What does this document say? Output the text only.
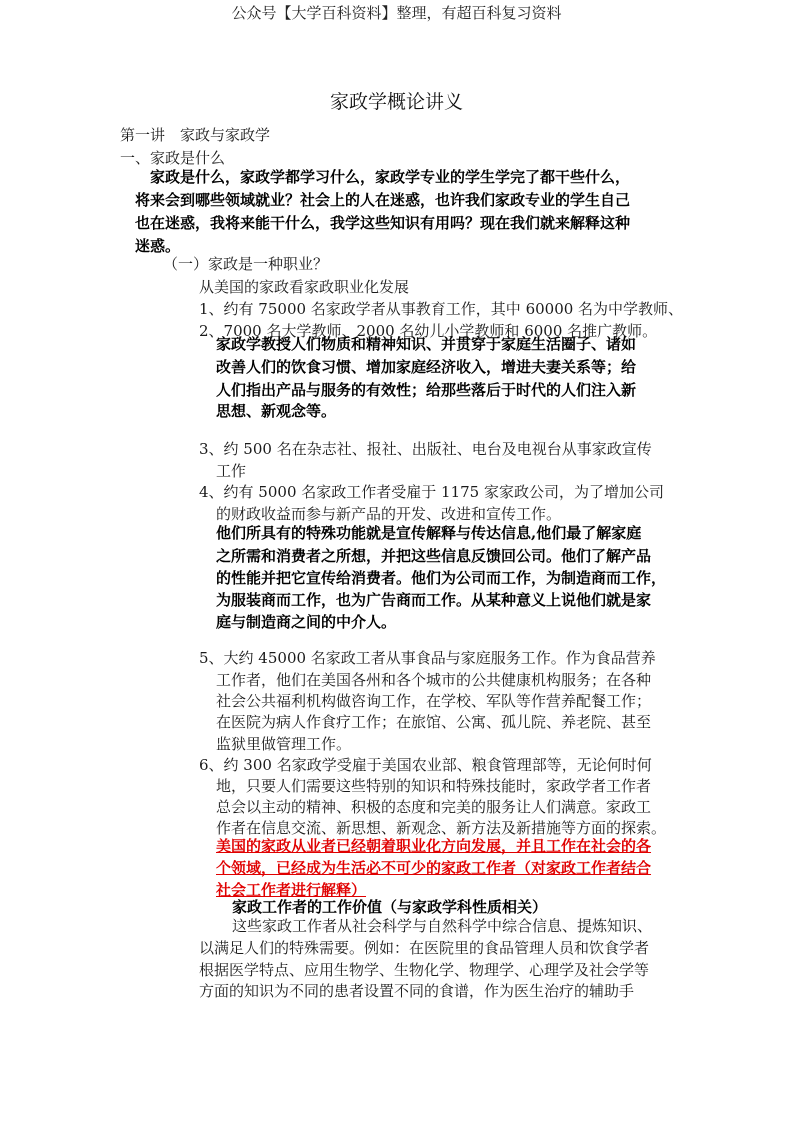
公众号【大学百科资料】整理，有超百科复习资料
家政学概论讲义
第一讲　家政与家政学
一、家政是什么
家政是什么，家政学都学习什么，家政学专业的学生学完了都干些什么，
将来会到哪些领域就业？社会上的人在迷惑，也许我们家政专业的学生自己
也在迷惑，我将来能干什么，我学这些知识有用吗？现在我们就来解释这种
迷惑。
（一）家政是一种职业？
从美国的家政看家政职业化发展
1、约有 75000 名家政学者从事教育工作，其中 60000 名为中学教师、
2、7000 名大学教师、2000 名幼儿小学教师和 6000 名推广教师。
家政学教授人们物质和精神知识、并贯穿于家庭生活圈子、诸如
改善人们的饮食习惯、增加家庭经济收入，增进夫妻关系等；给
人们指出产品与服务的有效性；给那些落后于时代的人们注入新
思想、新观念等。
3、约 500 名在杂志社、报社、出版社、电台及电视台从事家政宣传
工作
4、约有 5000 名家政工作者受雇于 1175 家家政公司，为了增加公司
的财政收益而参与新产品的开发、改进和宣传工作。
他们所具有的特殊功能就是宣传解释与传达信息,他们最了解家庭
之所需和消费者之所想，并把这些信息反馈回公司。他们了解产品
的性能并把它宣传给消费者。他们为公司而工作，为制造商而工作，
为服装商而工作，也为广告商而工作。从某种意义上说他们就是家
庭与制造商之间的中介人。
5、大约 45000 名家政工者从事食品与家庭服务工作。作为食品营养
工作者，他们在美国各州和各个城市的公共健康机构服务；在各种
社会公共福利机构做咨询工作，在学校、军队等作营养配餐工作；
在医院为病人作食疗工作；在旅馆、公寓、孤儿院、养老院、甚至
监狱里做管理工作。
6、约 300 名家政学受雇于美国农业部、粮食管理部等，无论何时何
地，只要人们需要这些特别的知识和特殊技能时，家政学者工作者
总会以主动的精神、积极的态度和完美的服务让人们满意。家政工
作者在信息交流、新思想、新观念、新方法及新措施等方面的探索。
美国的家政从业者已经朝着职业化方向发展，并且工作在社会的各
个领域，已经成为生活必不可少的家政工作者（对家政工作者结合
社会工作者进行解释）
家政工作者的工作价值（与家政学科性质相关）
这些家政工作者从社会科学与自然科学中综合信息、提炼知识、
以满足人们的特殊需要。例如：在医院里的食品管理人员和饮食学者
根据医学特点、应用生物学、生物化学、物理学、心理学及社会学等
方面的知识为不同的患者设置不同的食谱，作为医生治疗的辅助手
